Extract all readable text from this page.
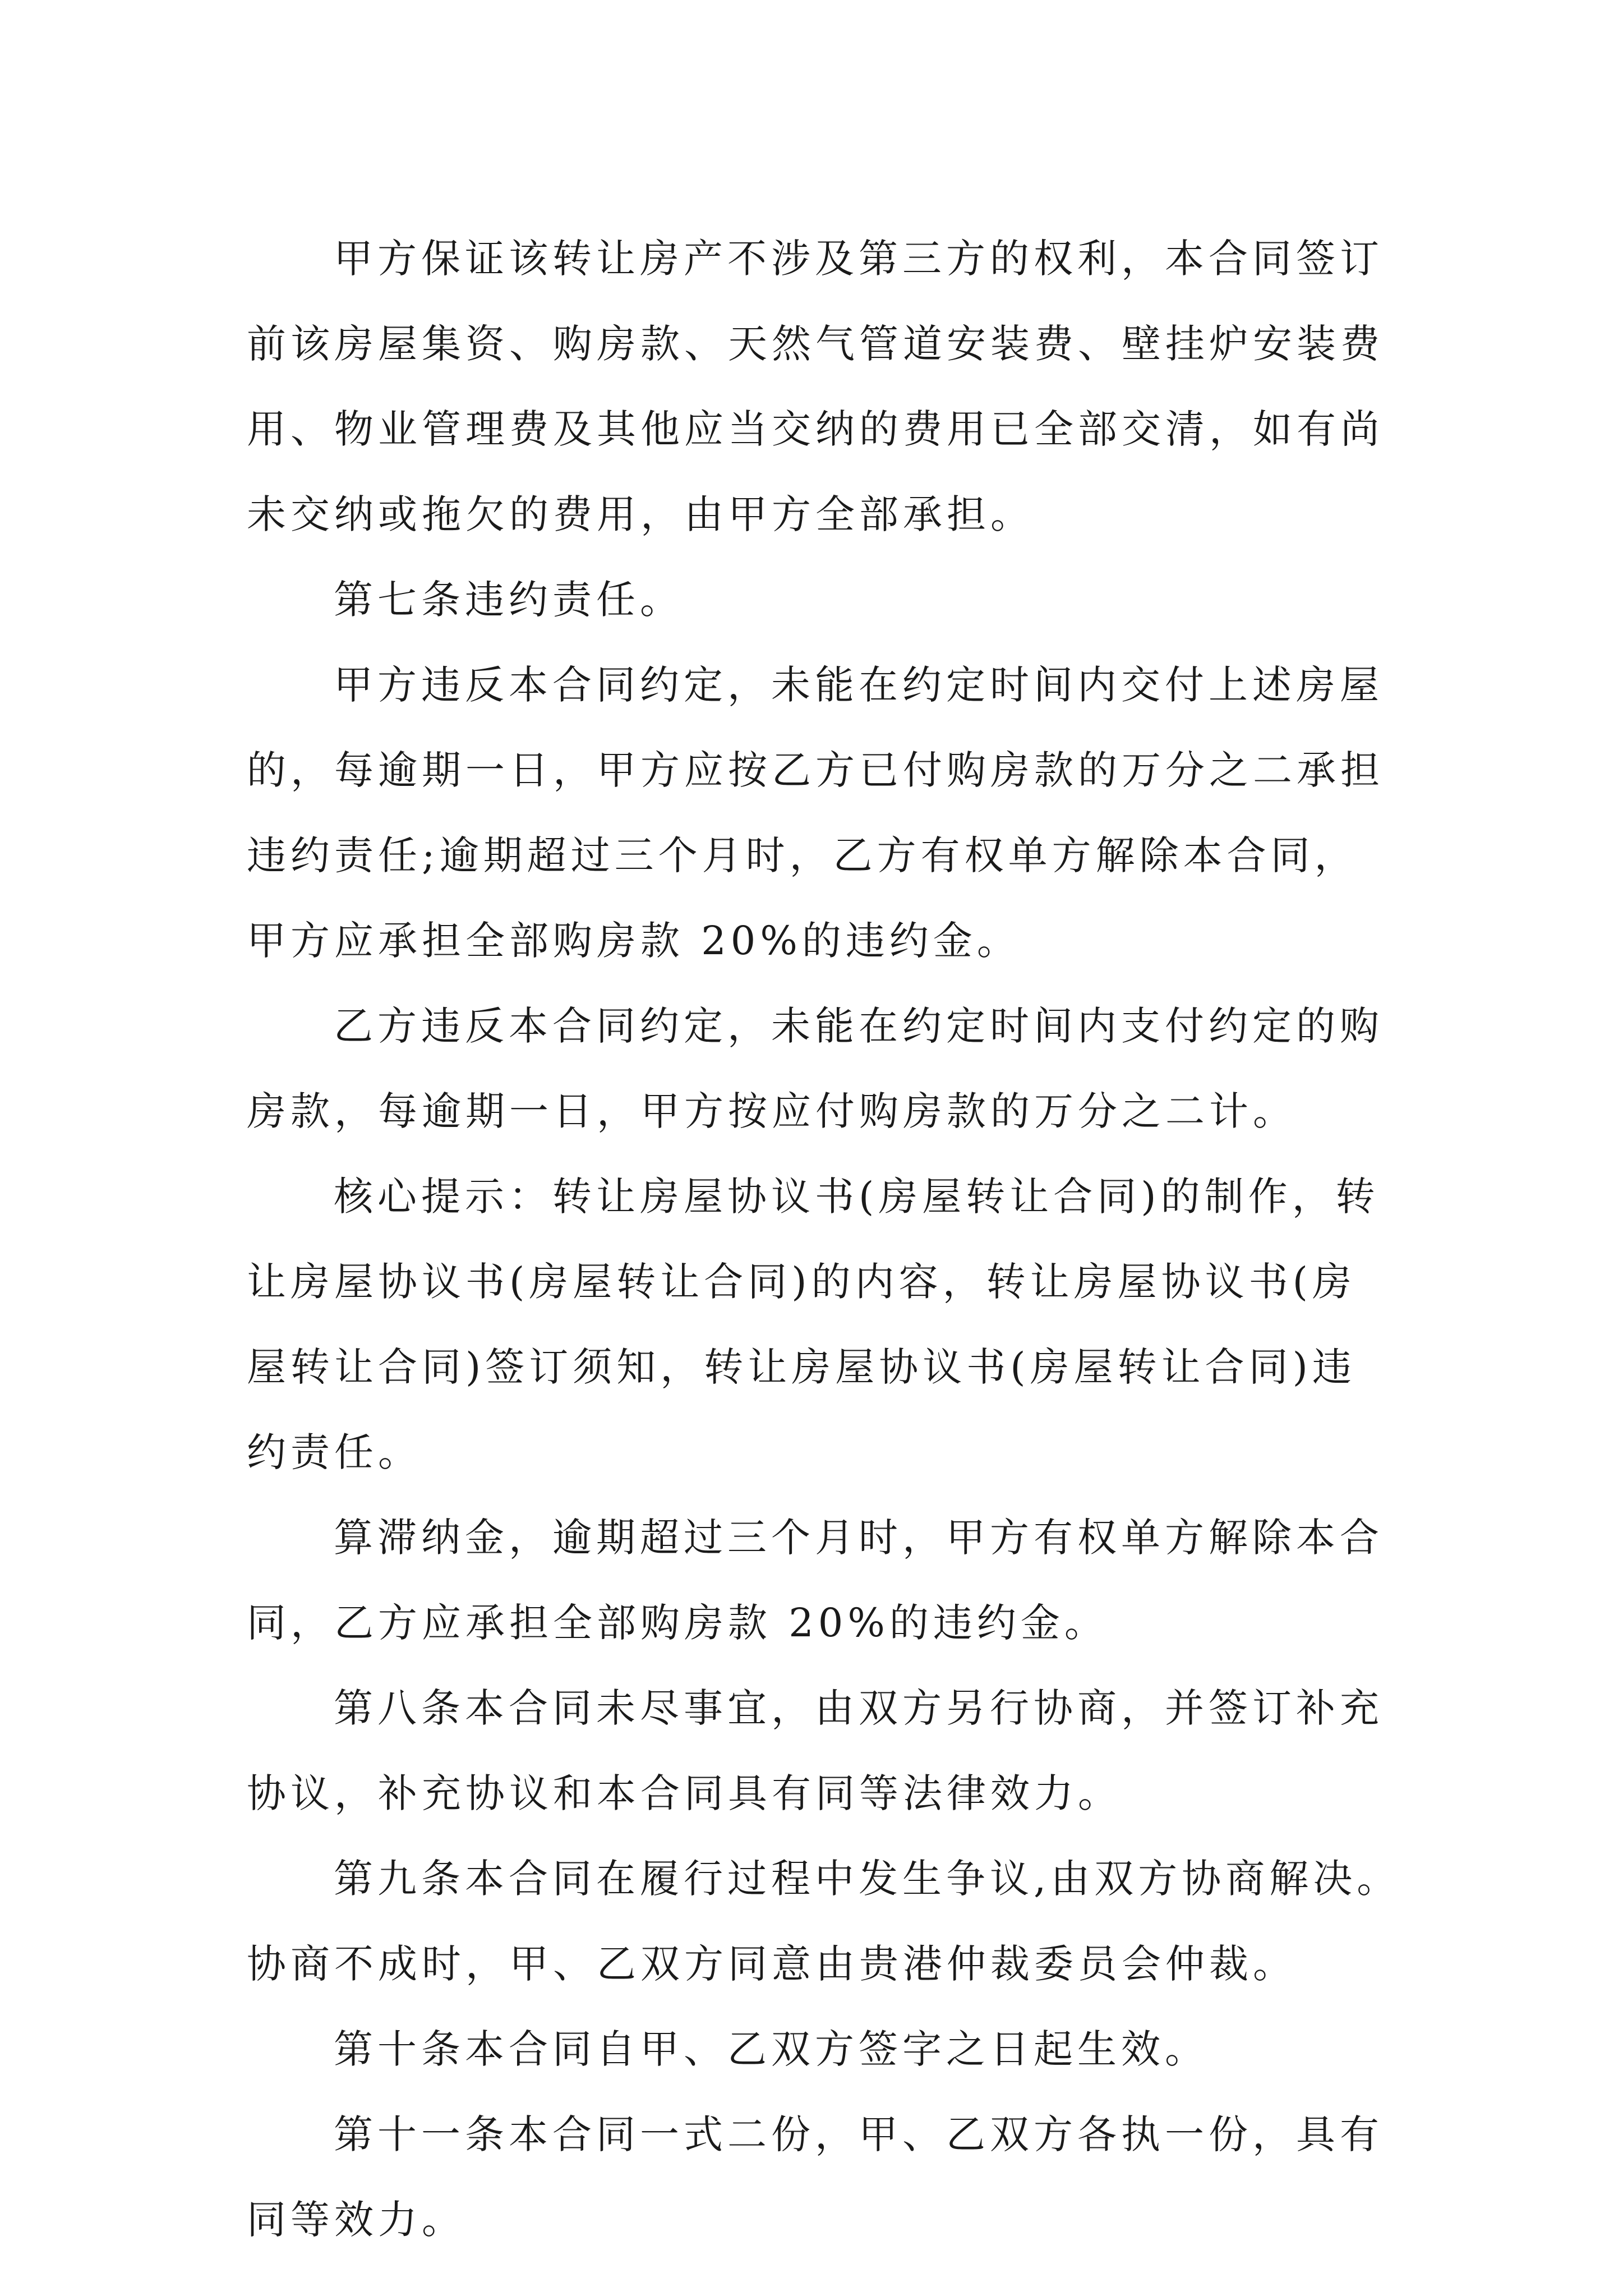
甲方保证该转让房产不涉及第三方的权利，本合同签订
前该房屋集资、购房款、天然气管道安装费、壁挂炉安装费
用、物业管理费及其他应当交纳的费用已全部交清，如有尚
未交纳或拖欠的费用，由甲方全部承担。
第七条违约责任。
甲方违反本合同约定，未能在约定时间内交付上述房屋
的，每逾期一日，甲方应按乙方已付购房款的万分之二承担
违约责任;逾期超过三个月时，乙方有权单方解除本合同，
甲方应承担全部购房款 20%的违约金。
乙方违反本合同约定，未能在约定时间内支付约定的购
房款，每逾期一日，甲方按应付购房款的万分之二计。
核心提示：转让房屋协议书(房屋转让合同)的制作，转
让房屋协议书(房屋转让合同)的内容，转让房屋协议书(房
屋转让合同)签订须知，转让房屋协议书(房屋转让合同)违
约责任。
算滞纳金，逾期超过三个月时，甲方有权单方解除本合
同，乙方应承担全部购房款 20%的违约金。
第八条本合同未尽事宜，由双方另行协商，并签订补充
协议，补充协议和本合同具有同等法律效力。
第九条本合同在履行过程中发生争议,由双方协商解决。
协商不成时，甲、乙双方同意由贵港仲裁委员会仲裁。
第十条本合同自甲、乙双方签字之日起生效。
第十一条本合同一式二份，甲、乙双方各执一份，具有
同等效力。
